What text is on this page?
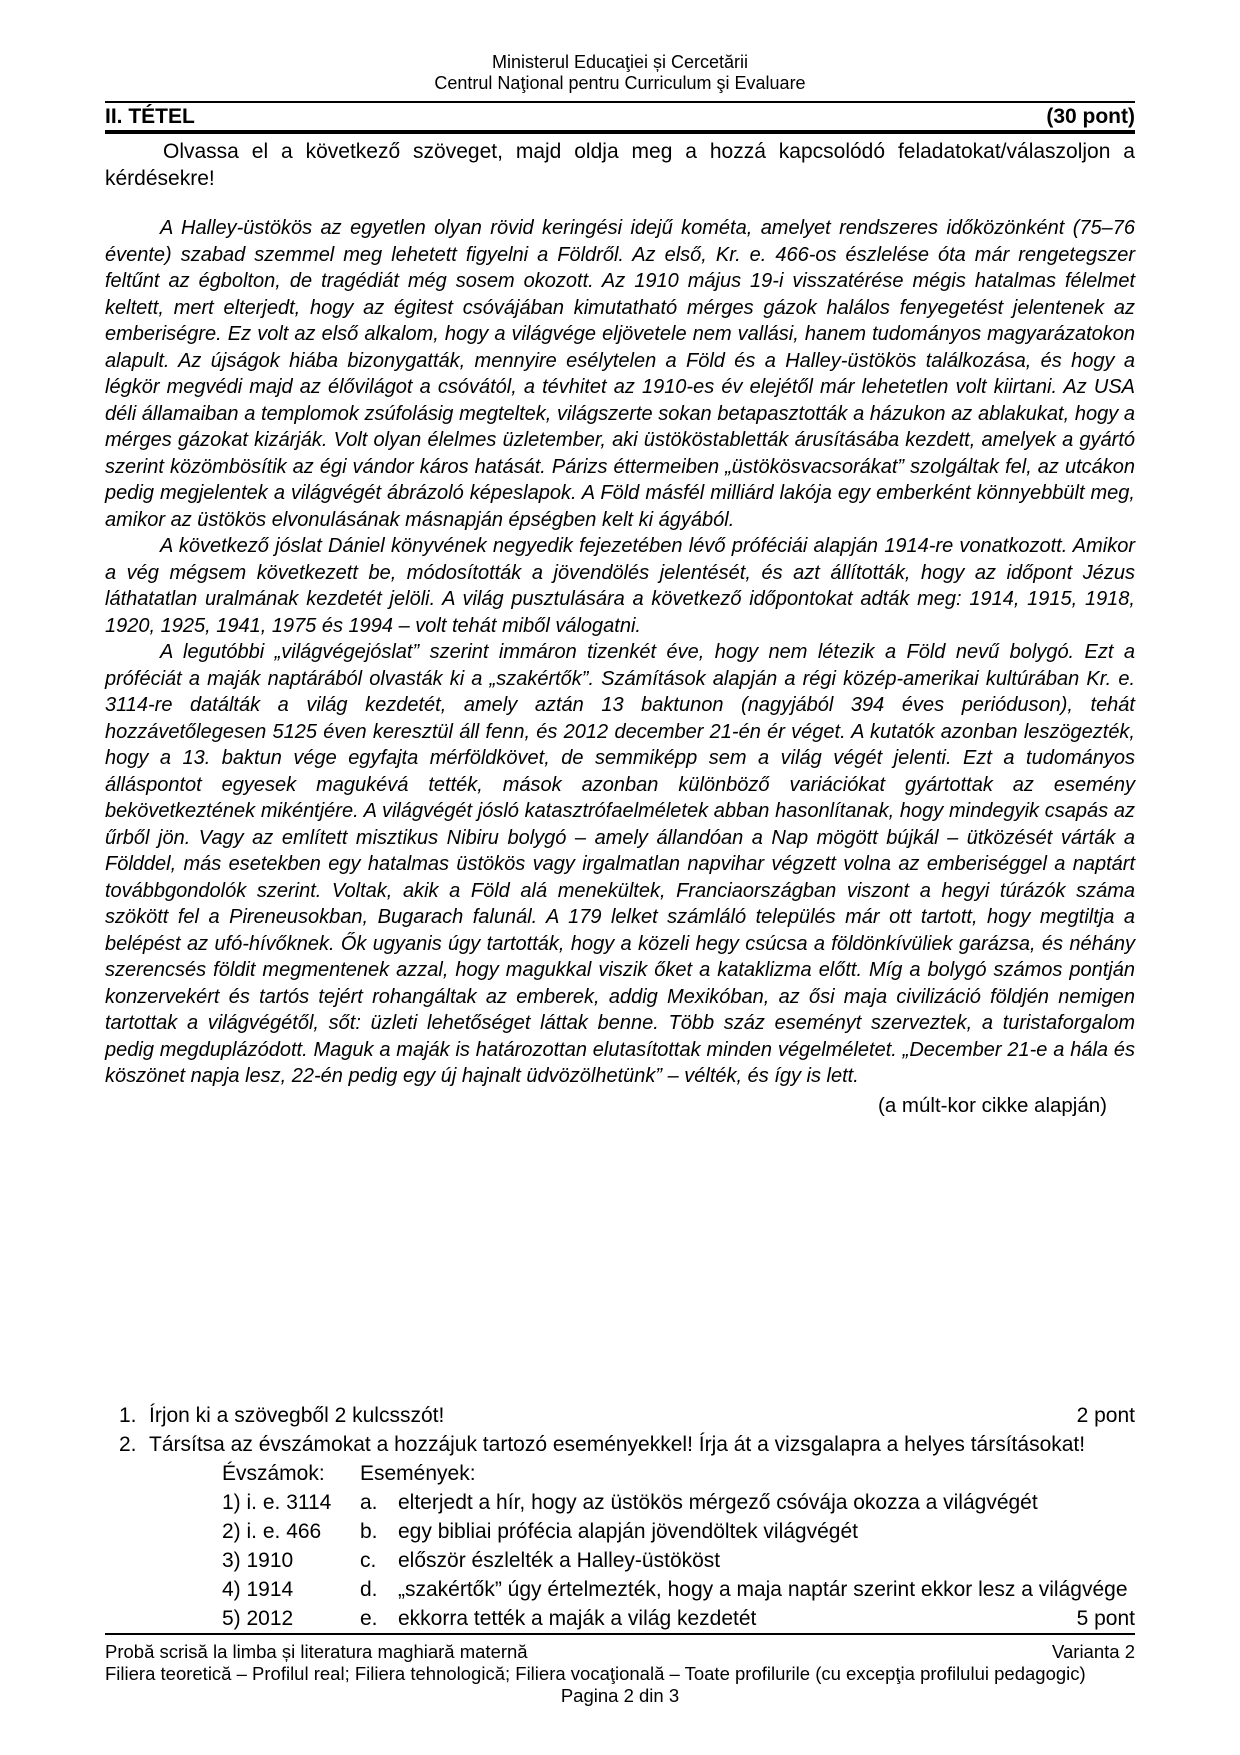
Ministerul Educaţiei și Cercetării
Centrul Naţional pentru Curriculum şi Evaluare
II. TÉTEL	(30 pont)

Olvassa el a következő szöveget, majd oldja meg a hozzá kapcsolódó feladatokat/válaszoljon a kérdésekre!

A Halley-üstökös az egyetlen olyan rövid keringési idejű kométa, amelyet rendszeres időközönként (75–76 évente) szabad szemmel meg lehetett figyelni a Földről. Az első, Kr. e. 466-os észlelése óta már rengetegszer feltűnt az égbolton, de tragédiát még sosem okozott. Az 1910 május 19-i visszatérése mégis hatalmas félelmet keltett, mert elterjedt, hogy az égitest csóvájában kimutatható mérges gázok halálos fenyegetést jelentenek az emberiségre. Ez volt az első alkalom, hogy a világvége eljövetele nem vallási, hanem tudományos magyarázatokon alapult. Az újságok hiába bizonygatták, mennyire esélytelen a Föld és a Halley-üstökös találkozása, és hogy a légkör megvédi majd az élővilágot a csóvától, a tévhitet az 1910-es év elejétől már lehetetlen volt kiirtani. Az USA déli államaiban a templomok zsúfolásig megteltek, világszerte sokan betapasztották a házukon az ablakukat, hogy a mérges gázokat kizárják. Volt olyan élelmes üzletember, aki üstököstabletták árusításába kezdett, amelyek a gyártó szerint közömbösítik az égi vándor káros hatását. Párizs éttermeiben „üstökösvacsorákat” szolgáltak fel, az utcákon pedig megjelentek a világvégét ábrázoló képeslapok. A Föld másfél milliárd lakója egy emberként könnyebbült meg, amikor az üstökös elvonulásának másnapján épségben kelt ki ágyából.

A következő jóslat Dániel könyvének negyedik fejezetében lévő próféciái alapján 1914-re vonatkozott. Amikor a vég mégsem következett be, módosították a jövendölés jelentését, és azt állították, hogy az időpont Jézus láthatatlan uralmának kezdetét jelöli. A világ pusztulására a következő időpontokat adták meg: 1914, 1915, 1918, 1920, 1925, 1941, 1975 és 1994 – volt tehát miből válogatni.

A legutóbbi „világvégejóslat” szerint immáron tizenkét éve, hogy nem létezik a Föld nevű bolygó. Ezt a próféciát a maják naptárából olvasták ki a „szakértők”. Számítások alapján a régi közép-amerikai kultúrában Kr. e. 3114-re datálták a világ kezdetét, amely aztán 13 baktunon (nagyjából 394 éves perióduson), tehát hozzávetőlegesen 5125 éven keresztül áll fenn, és 2012 december 21-én ér véget. A kutatók azonban leszögezték, hogy a 13. baktun vége egyfajta mérföldkövet, de semmiképp sem a világ végét jelenti. Ezt a tudományos álláspontot egyesek magukévá tették, mások azonban különböző variációkat gyártottak az esemény bekövetkeztének mikéntjére. A világvégét jósló katasztrófaelméletek abban hasonlítanak, hogy mindegyik csapás az űrből jön. Vagy az említett misztikus Nibiru bolygó – amely állandóan a Nap mögött bújkál – ütközését várták a Földdel, más esetekben egy hatalmas üstökös vagy irgalmatlan napvihar végzett volna az emberiséggel a naptárt továbbgondolók szerint. Voltak, akik a Föld alá menekültek, Franciaországban viszont a hegyi túrázók száma szökött fel a Pireneusokban, Bugarach falunál. A 179 lelket számláló település már ott tartott, hogy megtiltja a belépést az ufó-hívőknek. Ők ugyanis úgy tartották, hogy a közeli hegy csúcsa a földönkívüliek garázsa, és néhány szerencsés földit megmentenek azzal, hogy magukkal viszik őket a kataklizma előtt. Míg a bolygó számos pontján konzervekért és tartós tejért rohangáltak az emberek, addig Mexikóban, az ősi maja civilizáció földjén nemigen tartottak a világvégétől, sőt: üzleti lehetőséget láttak benne. Több száz eseményt szerveztek, a turistaforgalom pedig megduplázódott. Maguk a maják is határozottan elutasítottak minden végelméletet. „December 21-e a hála és köszönet napja lesz, 22-én pedig egy új hajnalt üdvözölhetünk” – vélték, és így is lett.

(a múlt-kor cikke alapján)
1. Írjon ki a szövegből 2 kulcsszót!	2 pont
2. Társítsa az évszámokat a hozzájuk tartozó eseményekkel! Írja át a vizsgalapra a helyes társításokat!
Évszámok:	Események:
1) i. e. 3114	a. elterjedt a hír, hogy az üstökös mérgező csóvája okozza a világvégét
2) i. e. 466	b. egy bibliai prófécia alapján jövendöltek világvégét
3) 1910	c.	először észlelték a Halley-üstököst
4) 1914	d. „szakértők” úgy értelmezték, hogy a maja naptár szerint ekkor lesz a világvége
5) 2012	e. ekkorra tették a maják a világ kezdetét	5 pont
Probă scrisă la limba și literatura maghiară maternă	Varianta 2
Filiera teoretică – Profilul real; Filiera tehnologică; Filiera vocaţională – Toate profilurile (cu excepţia profilului pedagogic)
Pagina 2 din 3
